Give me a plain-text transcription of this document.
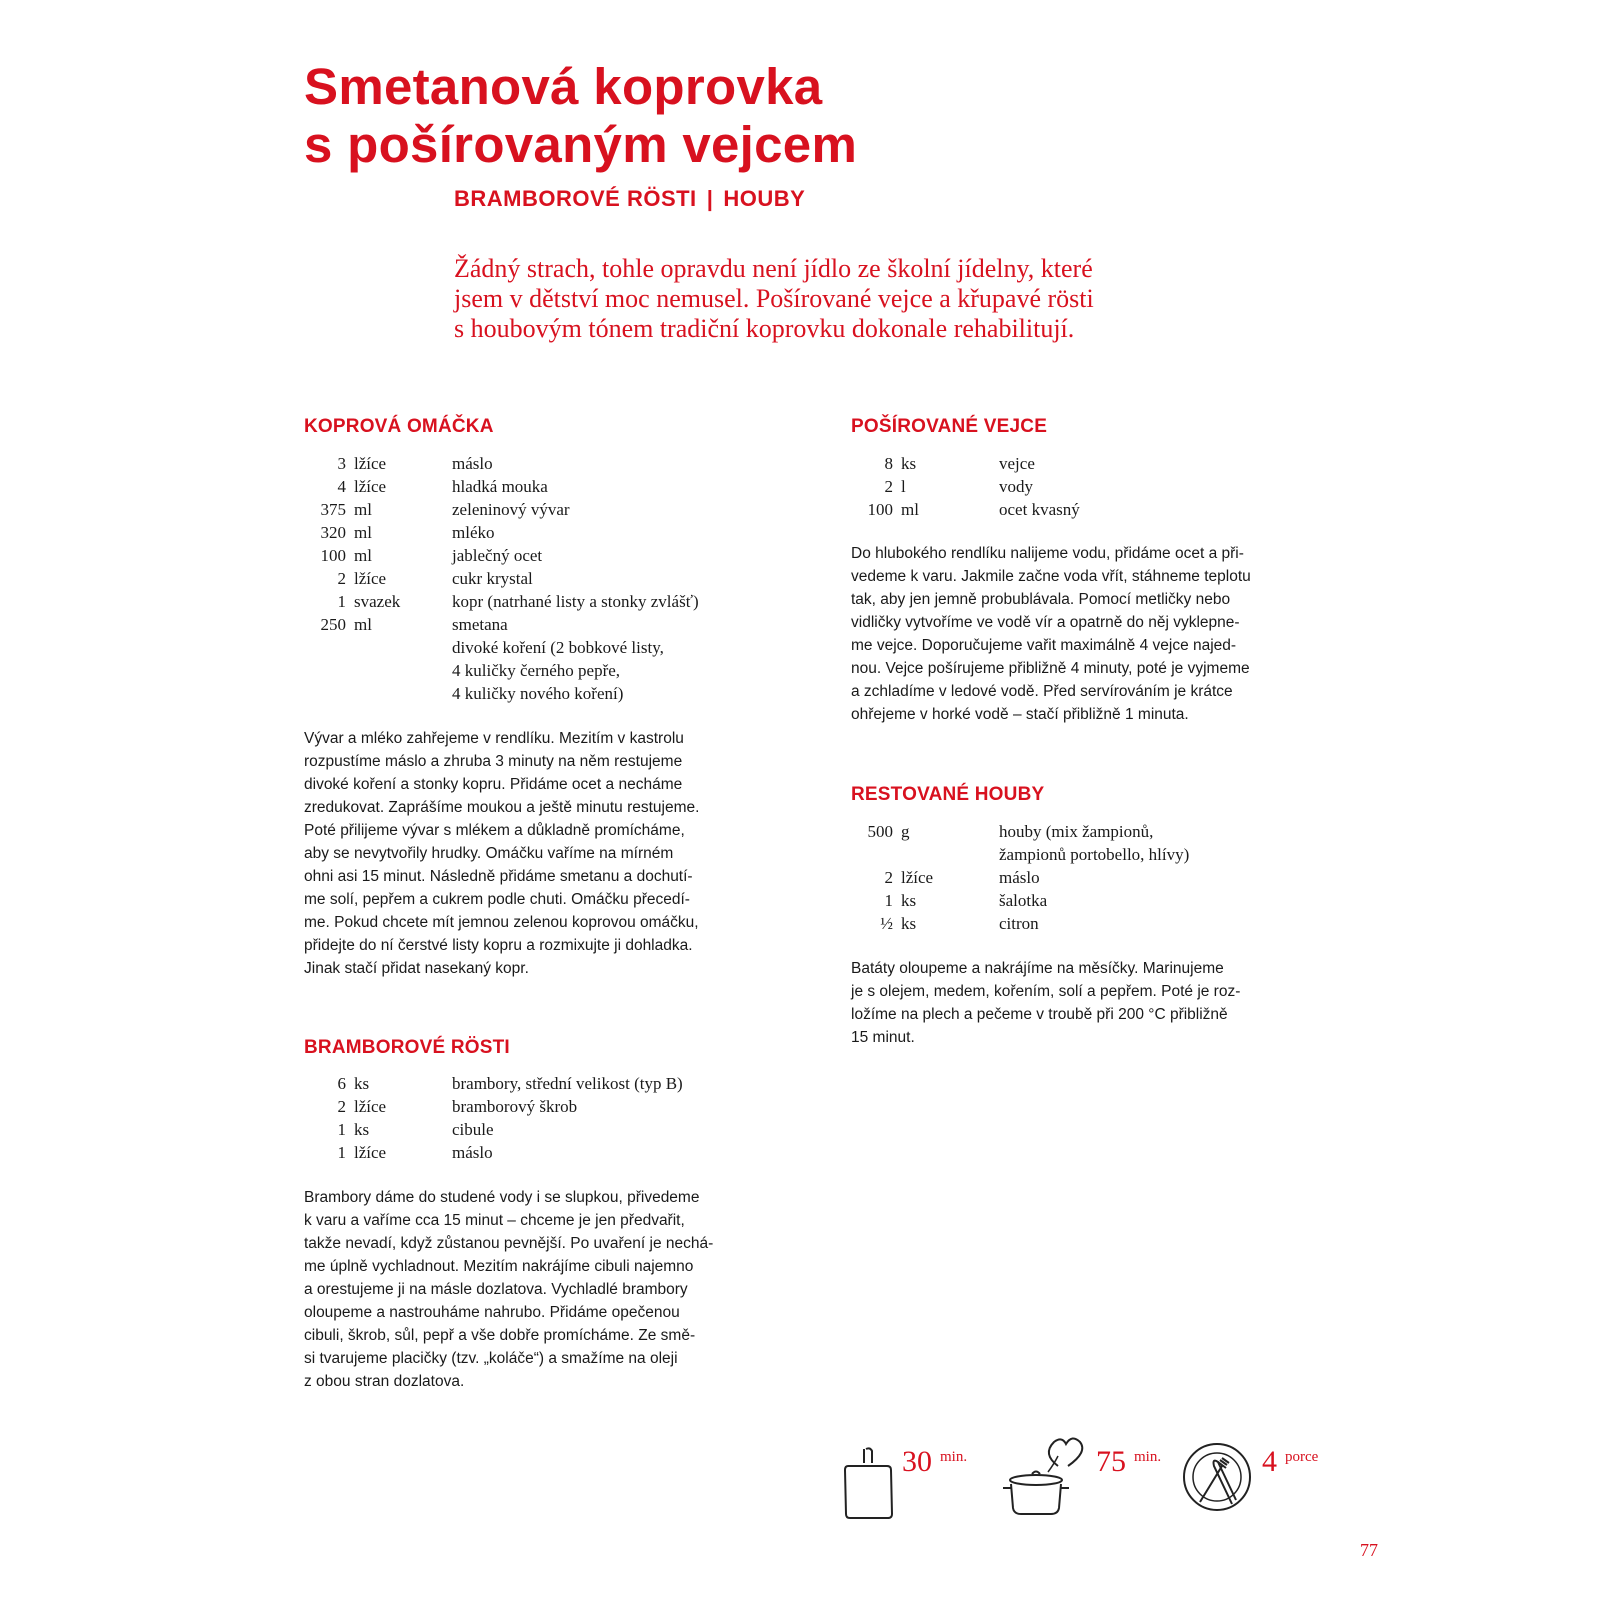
Smetanová koprovka
s pošírovaným vejcem
BRAMBOROVÉ RÖSTI | HOUBY
Žádný strach, tohle opravdu není jídlo ze školní jídelny, které
jsem v dětství moc nemusel. Pošírované vejce a křupavé rösti
s houbovým tónem tradiční koprovku dokonale rehabilitují.
KOPROVÁ OMÁČKA
3 lžíce	máslo
4 lžíce	hladká mouka
375 ml	zeleninový vývar
320 ml	mléko
100 ml	jablečný ocet
2 lžíce	cukr krystal
1 svazek	kopr (natrhané listy a stonky zvlášť)
250 ml	smetana
divoké koření (2 bobkové listy,
4 kuličky černého pepře,
4 kuličky nového koření)
Vývar a mléko zahřejeme v rendlíku. Mezitím v kastrolu
rozpustíme máslo a zhruba 3 minuty na něm restujeme
divoké koření a stonky kopru. Přidáme ocet a necháme
zredukovat. Zaprášíme moukou a ještě minutu restujeme.
Poté přilijeme vývar s mlékem a důkladně promícháme,
aby se nevytvořily hrudky. Omáčku vaříme na mírném
ohni asi 15 minut. Následně přidáme smetanu a dochutí-
me solí, pepřem a cukrem podle chuti. Omáčku přecedí-
me. Pokud chcete mít jemnou zelenou koprovou omáčku,
přidejte do ní čerstvé listy kopru a rozmixujte ji dohladka.
Jinak stačí přidat nasekaný kopr.
BRAMBOROVÉ RÖSTI
6 ks	brambory, střední velikost (typ B)
2 lžíce	bramborový škrob
1 ks	cibule
1 lžíce	máslo
Brambory dáme do studené vody i se slupkou, přivedeme
k varu a vaříme cca 15 minut – chceme je jen předvařit,
takže nevadí, když zůstanou pevnější. Po uvaření je nechá-
me úplně vychladnout. Mezitím nakrájíme cibuli najemno
a orestujeme ji na másle dozlatova. Vychladlé brambory
oloupeme a nastrouháme nahrubo. Přidáme opečenou
cibuli, škrob, sůl, pepř a vše dobře promícháme. Ze smě-
si tvarujeme placičky (tzv. „koláče“) a smažíme na oleji
z obou stran dozlatova.
POŠÍROVANÉ VEJCE
8 ks	vejce
2 l	vody
100 ml	ocet kvasný
Do hlubokého rendlíku nalijeme vodu, přidáme ocet a při-
vedeme k varu. Jakmile začne voda vřít, stáhneme teplotu
tak, aby jen jemně probublávala. Pomocí metličky nebo
vidličky vytvoříme ve vodě vír a opatrně do něj vyklepne-
me vejce. Doporučujeme vařit maximálně 4 vejce najed-
nou. Vejce pošírujeme přibližně 4 minuty, poté je vyjmeme
a zchladíme v ledové vodě. Před servírováním je krátce
ohřejeme v horké vodě – stačí přibližně 1 minuta.
RESTOVANÉ HOUBY
500 g	houby (mix žampionů,
žampionů portobello, hlívy)
2 lžíce	máslo
1 ks	šalotka
½ ks	citron
Batáty oloupeme a nakrájíme na měsíčky. Marinujeme
je s olejem, medem, kořením, solí a pepřem. Poté je roz-
ložíme na plech a pečeme v troubě při 200 °C přibližně
15 minut.
30 min.	75 min.	4 porce
77
